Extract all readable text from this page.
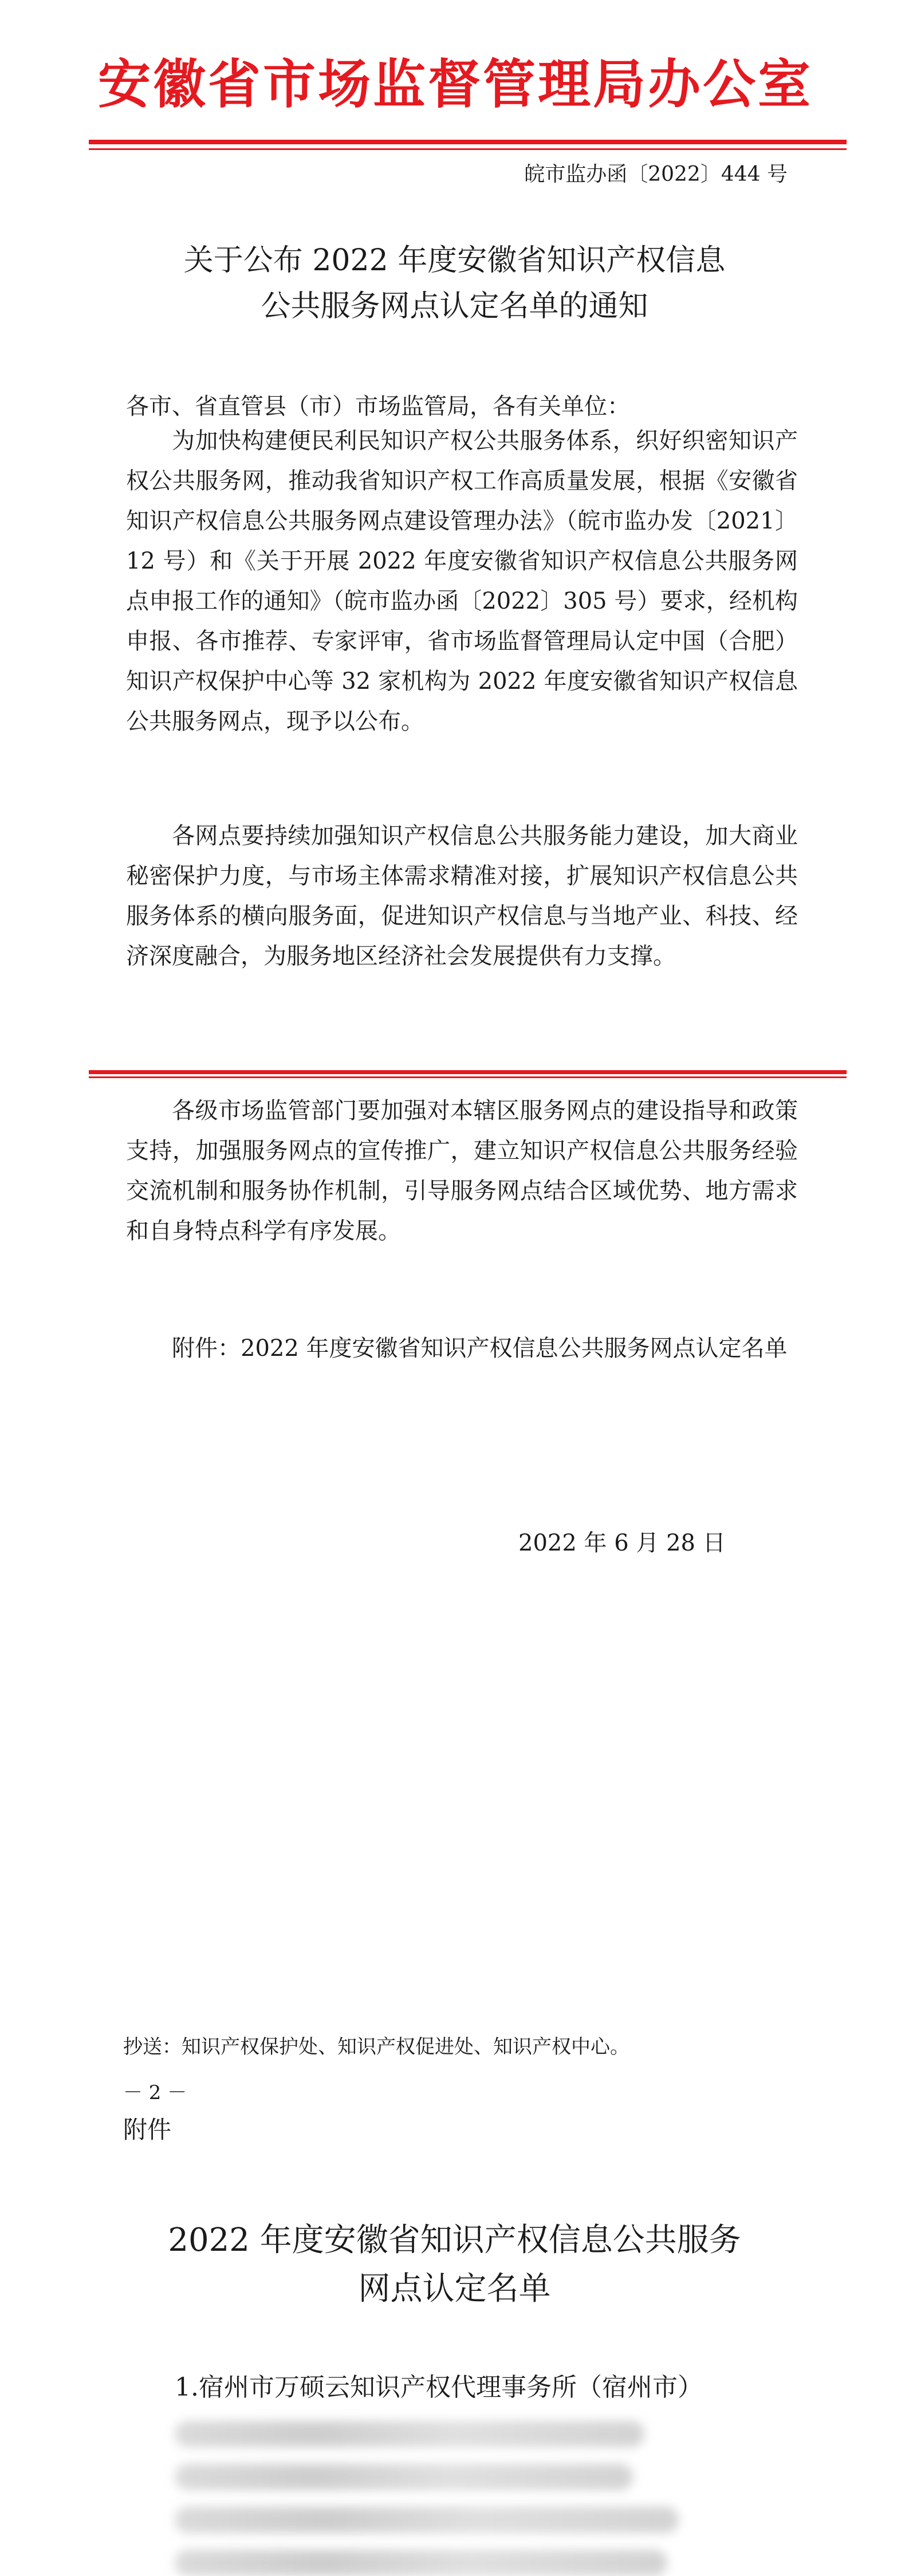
安徽省市场监督管理局办公室
皖市监办函〔2022〕444 号
关于公布 2022 年度安徽省知识产权信息
公共服务网点认定名单的通知
各市、省直管县（市）市场监管局，各有关单位：

为加快构建便民利民知识产权公共服务体系，织好织密知识产权公共服务网，推动我省知识产权工作高质量发展，根据《安徽省知识产权信息公共服务网点建设管理办法》（皖市监办发〔2021〕12 号）和《关于开展 2022 年度安徽省知识产权信息公共服务网点申报工作的通知》（皖市监办函〔2022〕305 号）要求，经机构申报、各市推荐、专家评审，省市场监督管理局认定中国（合肥）知识产权保护中心等 32 家机构为 2022 年度安徽省知识产权信息公共服务网点，现予以公布。

各网点要持续加强知识产权信息公共服务能力建设，加大商业秘密保护力度，与市场主体需求精准对接，扩展知识产权信息公共服务体系的横向服务面，促进知识产权信息与当地产业、科技、经济深度融合，为服务地区经济社会发展提供有力支撑。

各级市场监管部门要加强对本辖区服务网点的建设指导和政策支持，加强服务网点的宣传推广，建立知识产权信息公共服务经验交流机制和服务协作机制，引导服务网点结合区域优势、地方需求和自身特点科学有序发展。

附件：2022 年度安徽省知识产权信息公共服务网点认定名单
2022 年 6 月 28 日
抄送：知识产权保护处、知识产权促进处、知识产权中心。
－ 2 －
附件
2022 年度安徽省知识产权信息公共服务
网点认定名单
1.宿州市万硕云知识产权代理事务所（宿州市）
